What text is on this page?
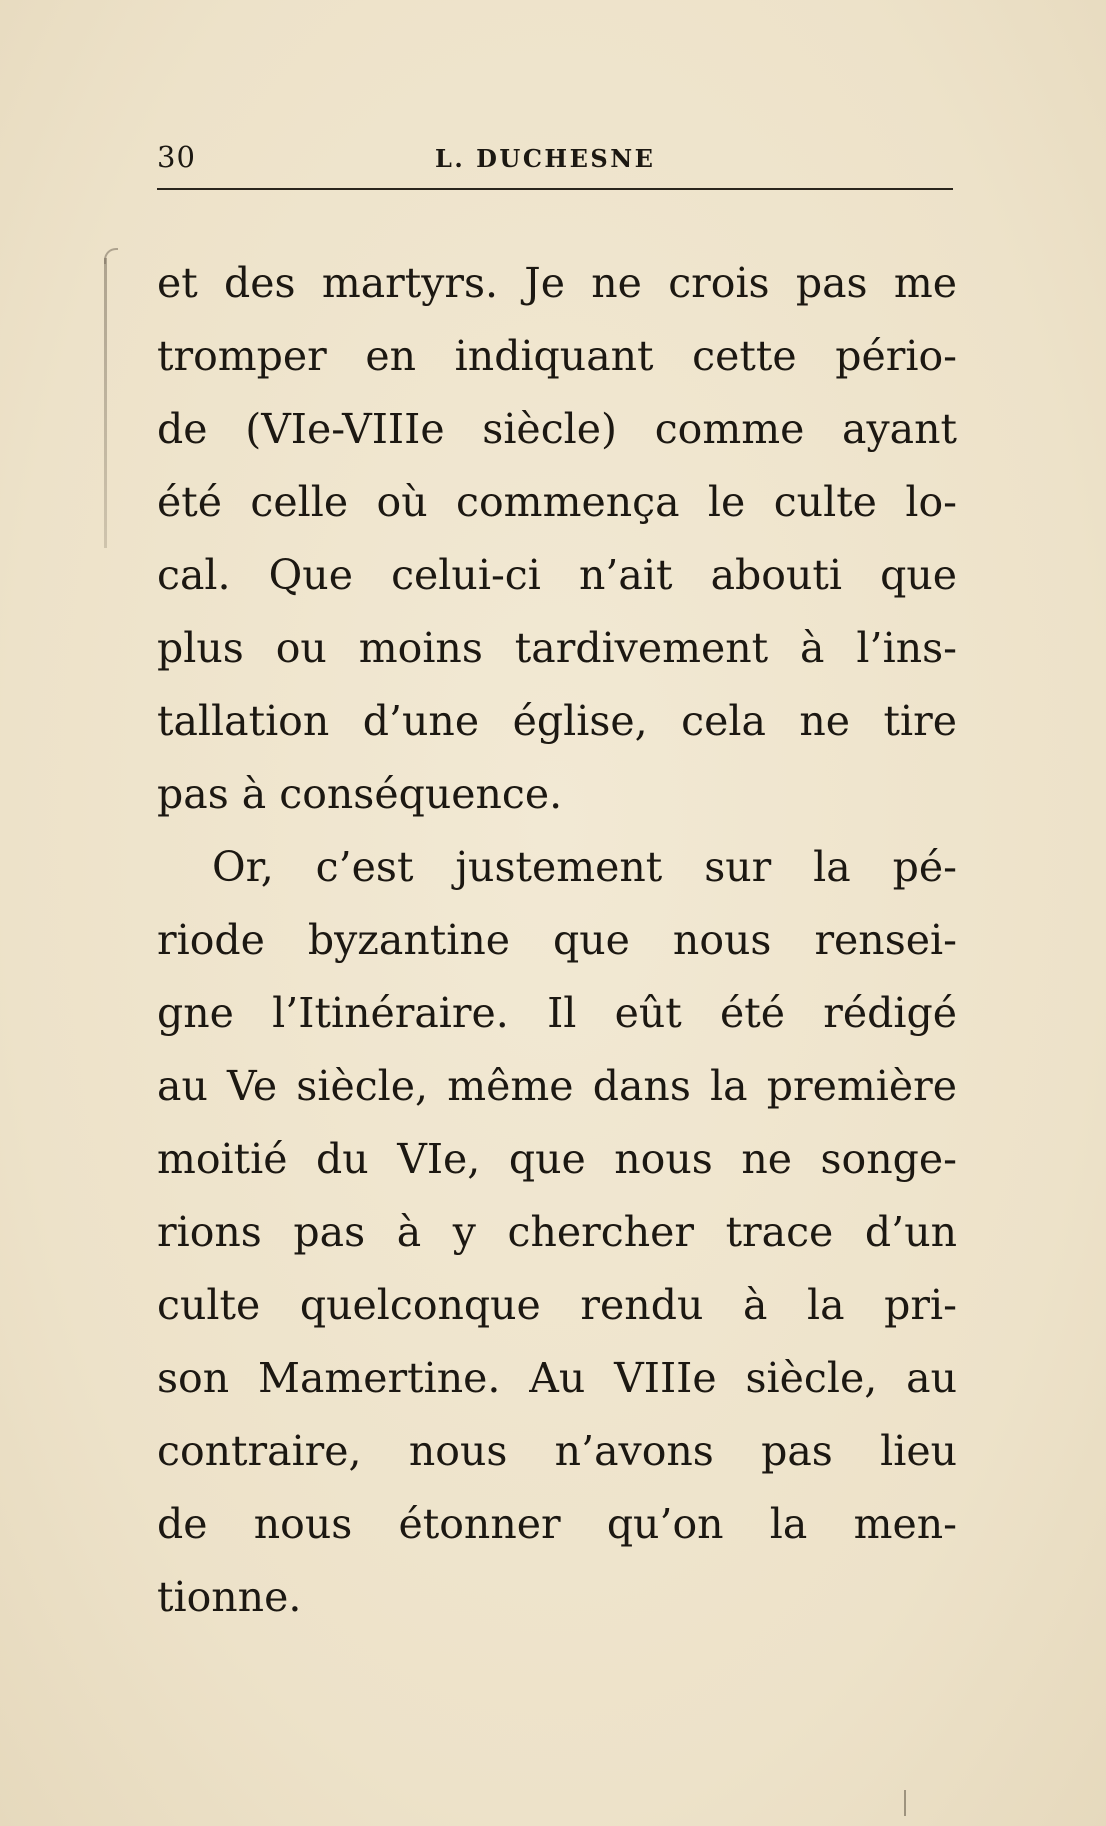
30	L. DUCHESNE
et des martyrs. Je ne crois pas me
tromper en indiquant cette pério-
de (VIe-VIIIe siècle) comme ayant
été celle où commença le culte lo-
cal. Que celui-ci n’ait abouti que
plus ou moins tardivement à l’ins-
tallation d’une église, cela ne tire
pas à conséquence.
Or, c’est justement sur la pé-
riode byzantine que nous rensei-
gne l’Itinéraire. Il eût été rédigé
au Ve siècle, même dans la première
moitié du VIe, que nous ne songe-
rions pas à y chercher trace d’un
culte quelconque rendu à la pri-
son Mamertine. Au VIIIe siècle, au
contraire, nous n’avons pas lieu
de nous étonner qu’on la men-
tionne.
